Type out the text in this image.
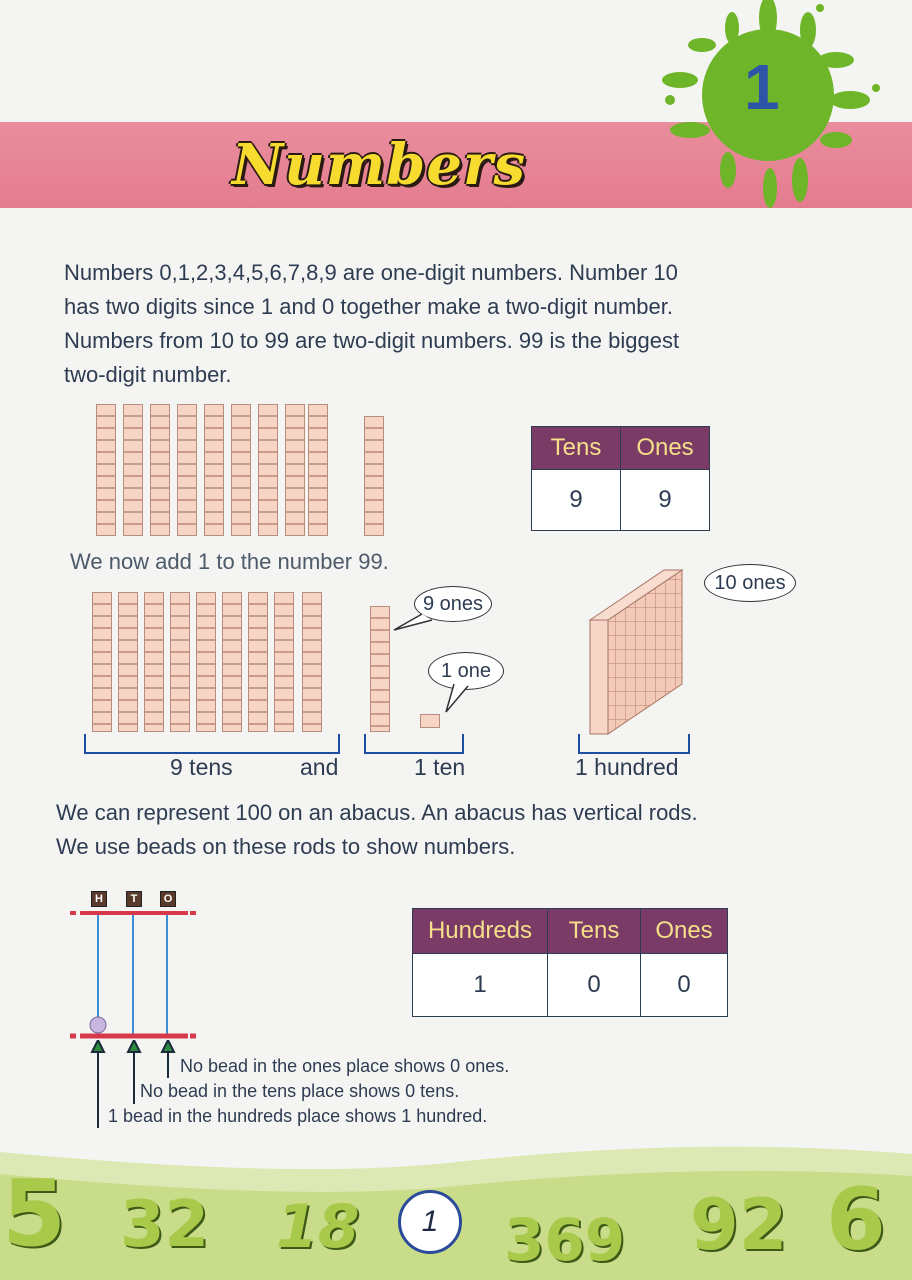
1
Numbers
Numbers 0,1,2,3,4,5,6,7,8,9 are one-digit numbers. Number 10
has two digits since 1 and 0 together make a two-digit number.
Numbers from 10 to 99 are two-digit numbers. 99 is the biggest
two-digit number.
Tens	Ones
9	9
We now add 1 to the number 99.
9 ones
1 one
10 ones
9 tens	and	1 ten	1 hundred
We can represent 100 on an abacus. An abacus has vertical rods.
We use beads on these rods to show numbers.
H	T	O
Hundreds	Tens	Ones
1	0	0
No bead in the ones place shows 0 ones.
No bead in the tens place shows 0 tens.
1 bead in the hundreds place shows 1 hundred.
5 32 18	1	369 92 6
